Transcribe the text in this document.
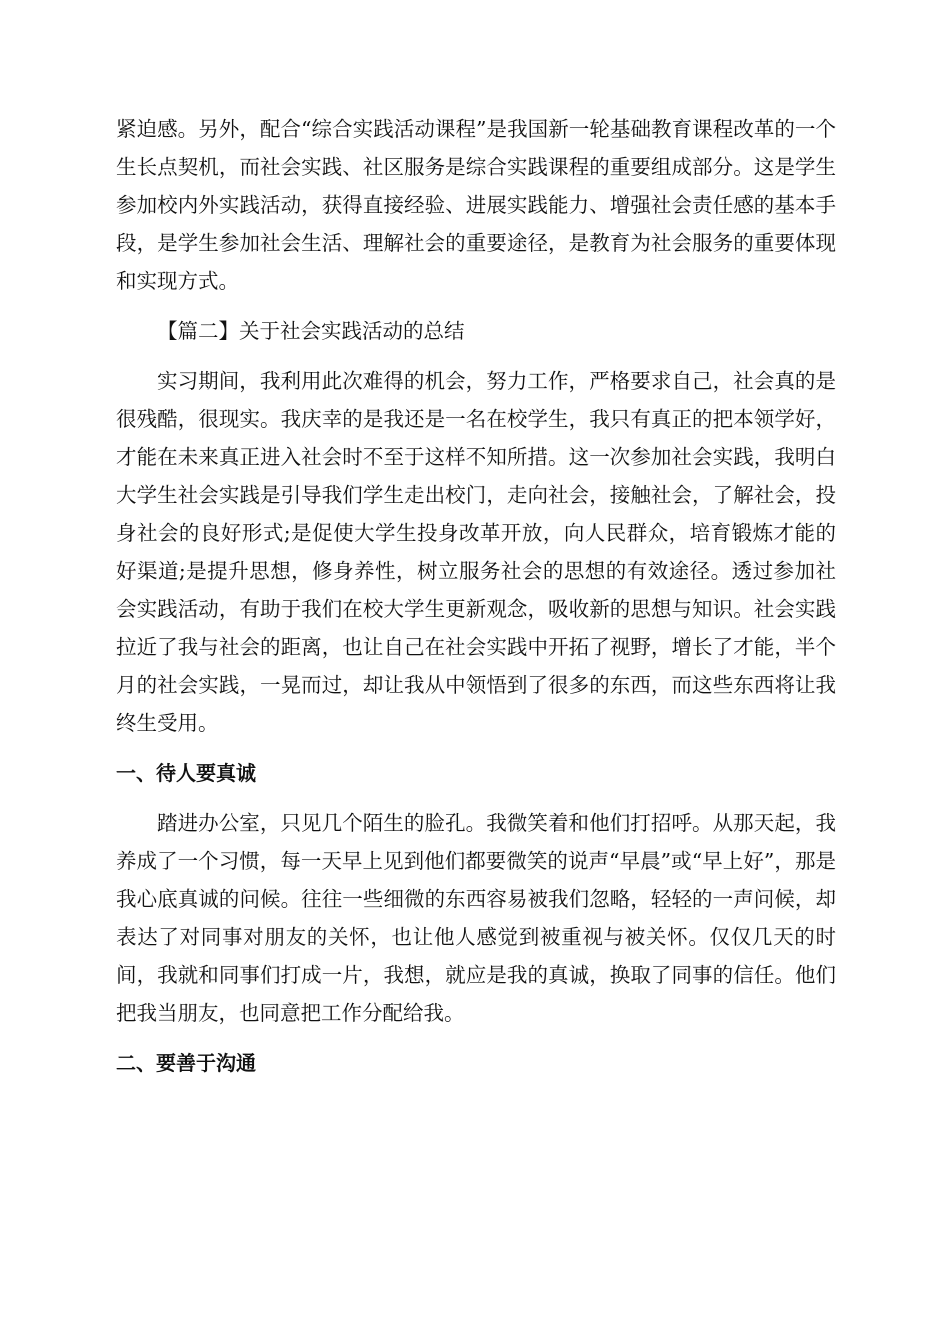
紧迫感。另外，配合“综合实践活动课程”是我国新一轮基础教育课程改革的一个生长点契机，而社会实践、社区服务是综合实践课程的重要组成部分。这是学生参加校内外实践活动，获得直接经验、进展实践能力、增强社会责任感的基本手段，是学生参加社会生活、理解社会的重要途径，是教育为社会服务的重要体现和实现方式。

【篇二】关于社会实践活动的总结

实习期间，我利用此次难得的机会，努力工作，严格要求自己，社会真的是很残酷，很现实。我庆幸的是我还是一名在校学生，我只有真正的把本领学好，才能在未来真正进入社会时不至于这样不知所措。这一次参加社会实践，我明白大学生社会实践是引导我们学生走出校门，走向社会，接触社会，了解社会，投身社会的良好形式;是促使大学生投身改革开放，向人民群众，培育锻炼才能的好渠道;是提升思想，修身养性，树立服务社会的思想的有效途径。透过参加社会实践活动，有助于我们在校大学生更新观念，吸收新的思想与知识。社会实践拉近了我与社会的距离，也让自己在社会实践中开拓了视野，增长了才能，半个月的社会实践，一晃而过，却让我从中领悟到了很多的东西，而这些东西将让我终生受用。

一、待人要真诚

踏进办公室，只见几个陌生的脸孔。我微笑着和他们打招呼。从那天起，我养成了一个习惯，每一天早上见到他们都要微笑的说声“早晨”或“早上好”，那是我心底真诚的问候。往往一些细微的东西容易被我们忽略，轻轻的一声问候，却表达了对同事对朋友的关怀，也让他人感觉到被重视与被关怀。仅仅几天的时间，我就和同事们打成一片，我想，就应是我的真诚，换取了同事的信任。他们把我当朋友，也同意把工作分配给我。

二、要善于沟通
